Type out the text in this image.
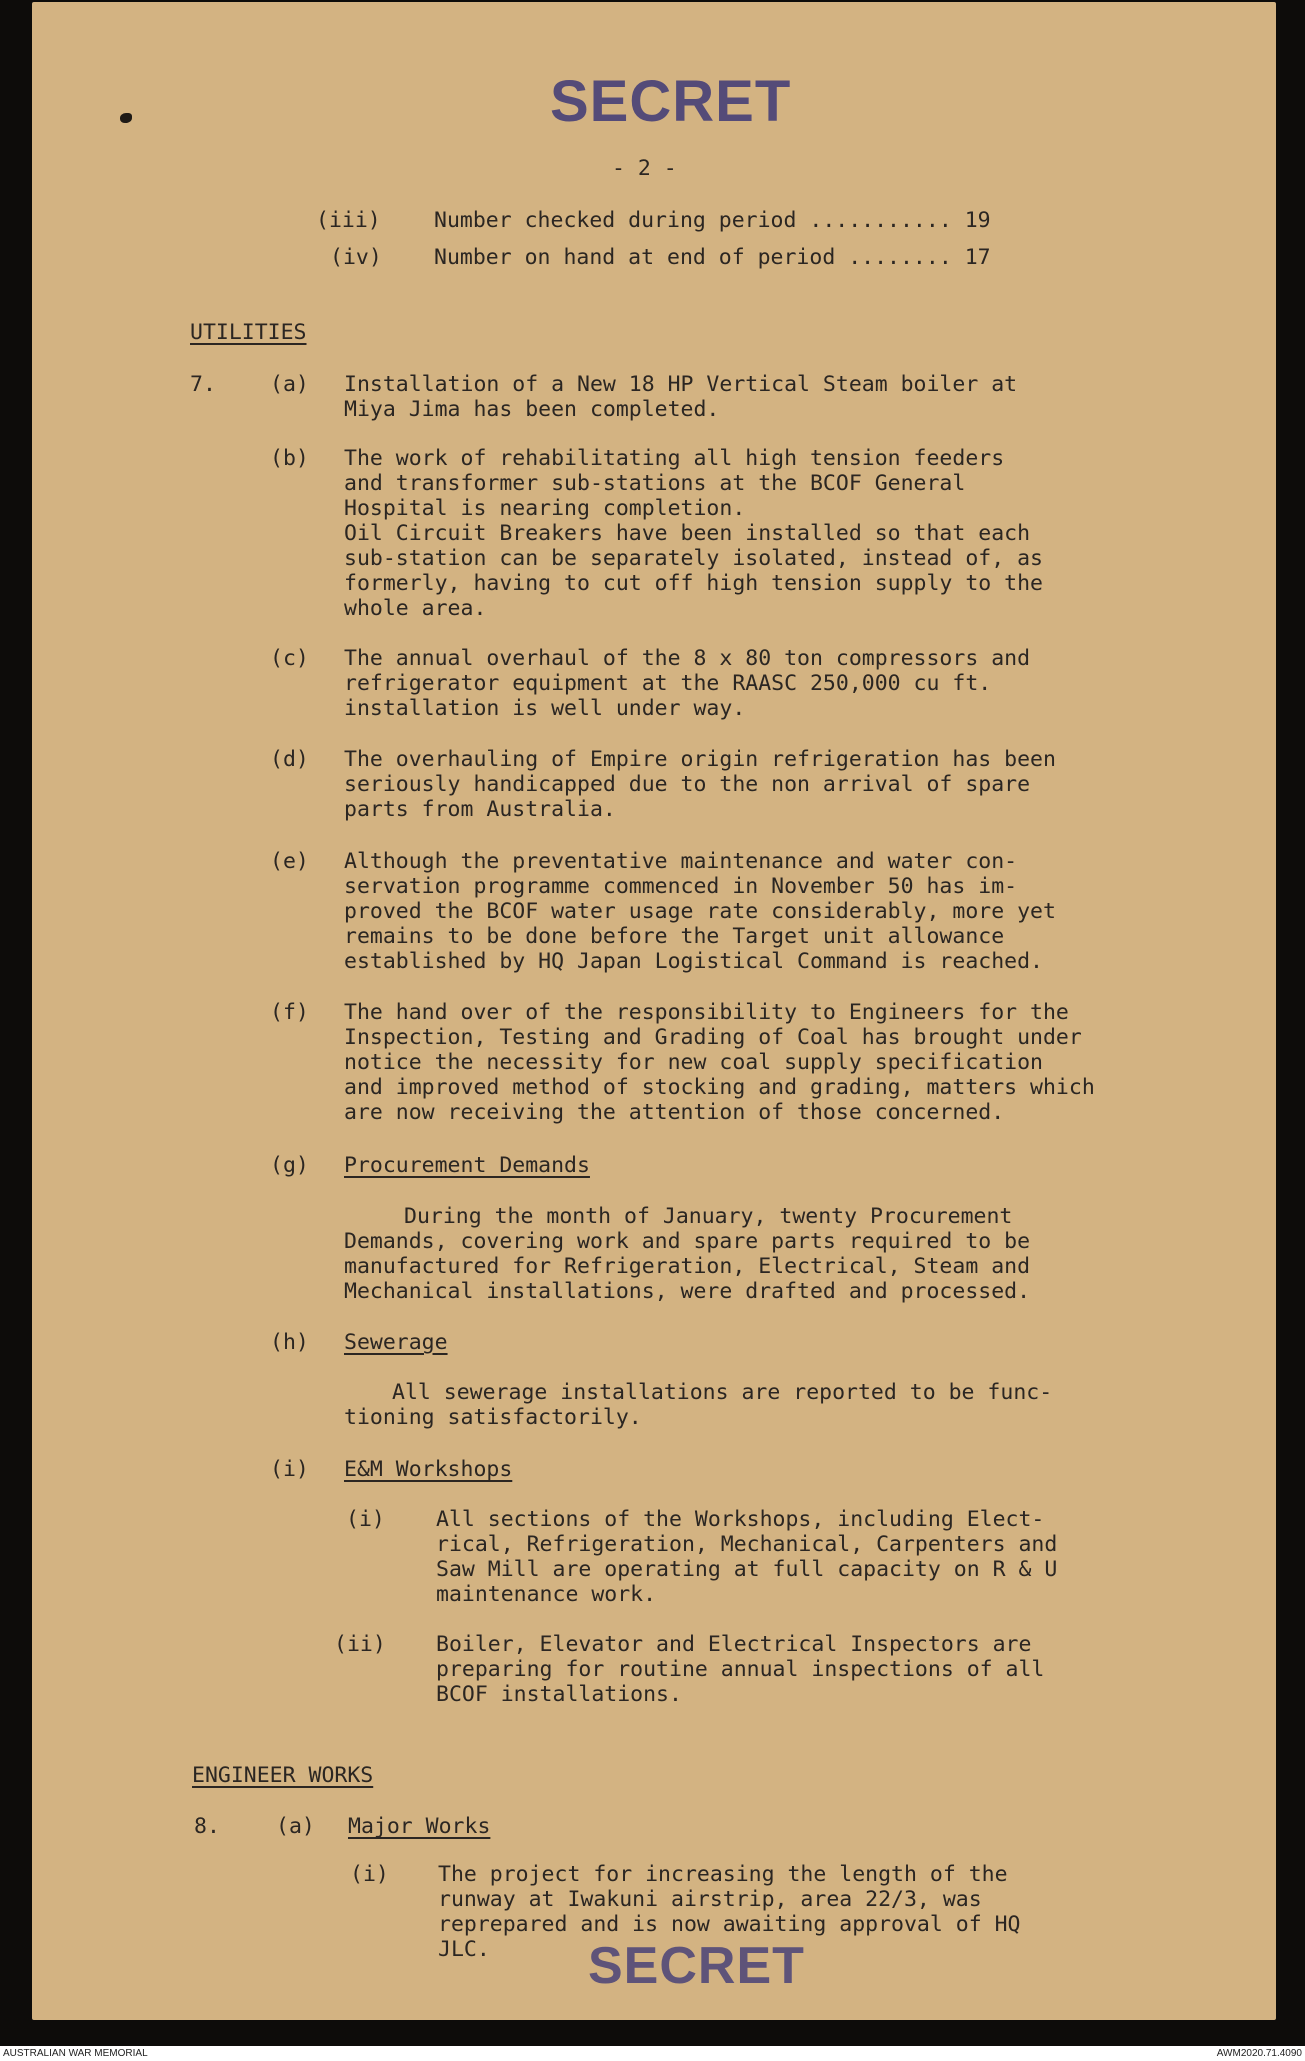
SECRET
- 2 -
(iii) Number checked during period ........... 19
(iv) Number on hand at end of period ........ 17
UTILITIES
7.	(a) Installation of a New 18 HP Vertical Steam boiler at
Miya Jima has been completed.
(b) The work of rehabilitating all high tension feeders
and transformer sub-stations at the BCOF General
Hospital is nearing completion.
Oil Circuit Breakers have been installed so that each
sub-station can be separately isolated, instead of, as
formerly, having to cut off high tension supply to the
whole area.
(c) The annual overhaul of the 8 x 80 ton compressors and
refrigerator equipment at the RAASC 250,000 cu ft.
installation is well under way.
(d) The overhauling of Empire origin refrigeration has been
seriously handicapped due to the non arrival of spare
parts from Australia.
(e) Although the preventative maintenance and water con-
servation programme commenced in November 50 has im-
proved the BCOF water usage rate considerably, more yet
remains to be done before the Target unit allowance
established by HQ Japan Logistical Command is reached.
(f) The hand over of the responsibility to Engineers for the
Inspection, Testing and Grading of Coal has brought under
notice the necessity for new coal supply specification
and improved method of stocking and grading, matters which
are now receiving the attention of those concerned.
(g) Procurement Demands
During the month of January, twenty Procurement
Demands, covering work and spare parts required to be
manufactured for Refrigeration, Electrical, Steam and
Mechanical installations, were drafted and processed.
(h) Sewerage
All sewerage installations are reported to be func-
tioning satisfactorily.
(i) E&M Workshops
(i) All sections of the Workshops, including Elect-
rical, Refrigeration, Mechanical, Carpenters and
Saw Mill are operating at full capacity on R & U
maintenance work.
(ii) Boiler, Elevator and Electrical Inspectors are
preparing for routine annual inspections of all
BCOF installations.
ENGINEER WORKS
8.	(a) Major Works
(i) The project for increasing the length of the
runway at Iwakuni airstrip, area 22/3, was
reprepared and is now awaiting approval of HQ
JLC. SECRET
AUSTRALIAN WAR MEMORIAL	AWM2020.71.4090
